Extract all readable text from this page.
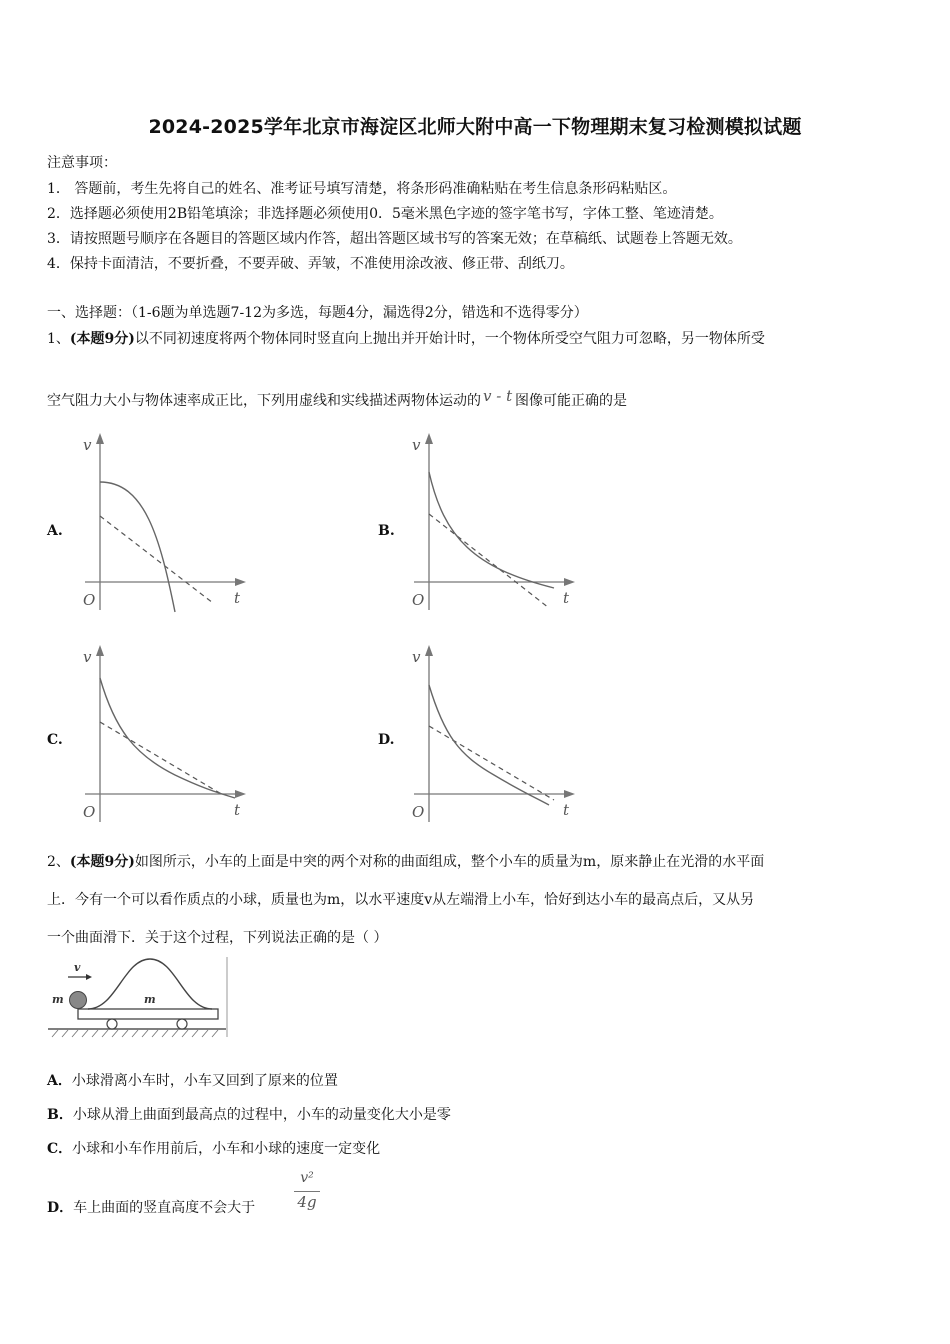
2024-2025学年北京市海淀区北师大附中高一下物理期末复习检测模拟试题
注意事项：
1． 答题前，考生先将自己的姓名、准考证号填写清楚，将条形码准确粘贴在考生信息条形码粘贴区。
2．选择题必须使用2B铅笔填涂；非选择题必须使用0．5毫米黑色字迹的签字笔书写，字体工整、笔迹清楚。
3．请按照题号顺序在各题目的答题区域内作答，超出答题区域书写的答案无效；在草稿纸、试题卷上答题无效。
4．保持卡面清洁，不要折叠，不要弄破、弄皱，不准使用涂改液、修正带、刮纸刀。
一、选择题：（1-6题为单选题7-12为多选，每题4分，漏选得2分，错选和不选得零分）
1、(本题9分)以不同初速度将两个物体同时竖直向上抛出并开始计时，一个物体所受空气阻力可忽略，另一物体所受
空气阻力大小与物体速率成正比，下列用虚线和实线描述两物体运动的 v - t 图像可能正确的是
A.	B.
C.	D.
v
O	t
v
O	t
v
O	t
v
O	t
2、(本题9分)如图所示，小车的上面是中突的两个对称的曲面组成，整个小车的质量为m，原来静止在光滑的水平面
上．今有一个可以看作质点的小球，质量也为m，以水平速度v从左端滑上小车，恰好到达小车的最高点后，又从另
一个曲面滑下．关于这个过程，下列说法正确的是（ ）
m	m
v
A．小球滑离小车时，小车又回到了原来的位置
B．小球从滑上曲面到最高点的过程中，小车的动量变化大小是零
C．小球和小车作用前后，小车和小球的速度一定变化
D．车上曲面的竖直高度不会大于
v²
4g
